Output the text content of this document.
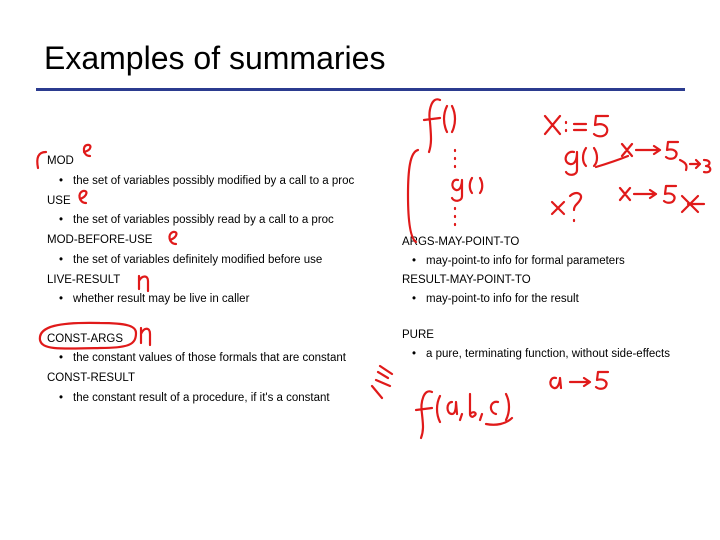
Examples of summaries
MOD
• the set of variables possibly modified by a call to a proc
USE
• the set of variables possibly read by a call to a proc
MOD-BEFORE-USE
• the set of variables definitely modified before use
LIVE-RESULT
• whether result may be live in caller
CONST-ARGS
• the constant values of those formals that are constant
CONST-RESULT
• the constant result of a procedure, if it's a constant
ARGS-MAY-POINT-TO
• may-point-to info for formal parameters
RESULT-MAY-POINT-TO
• may-point-to info for the result
PURE
• a pure, terminating function, without side-effects
